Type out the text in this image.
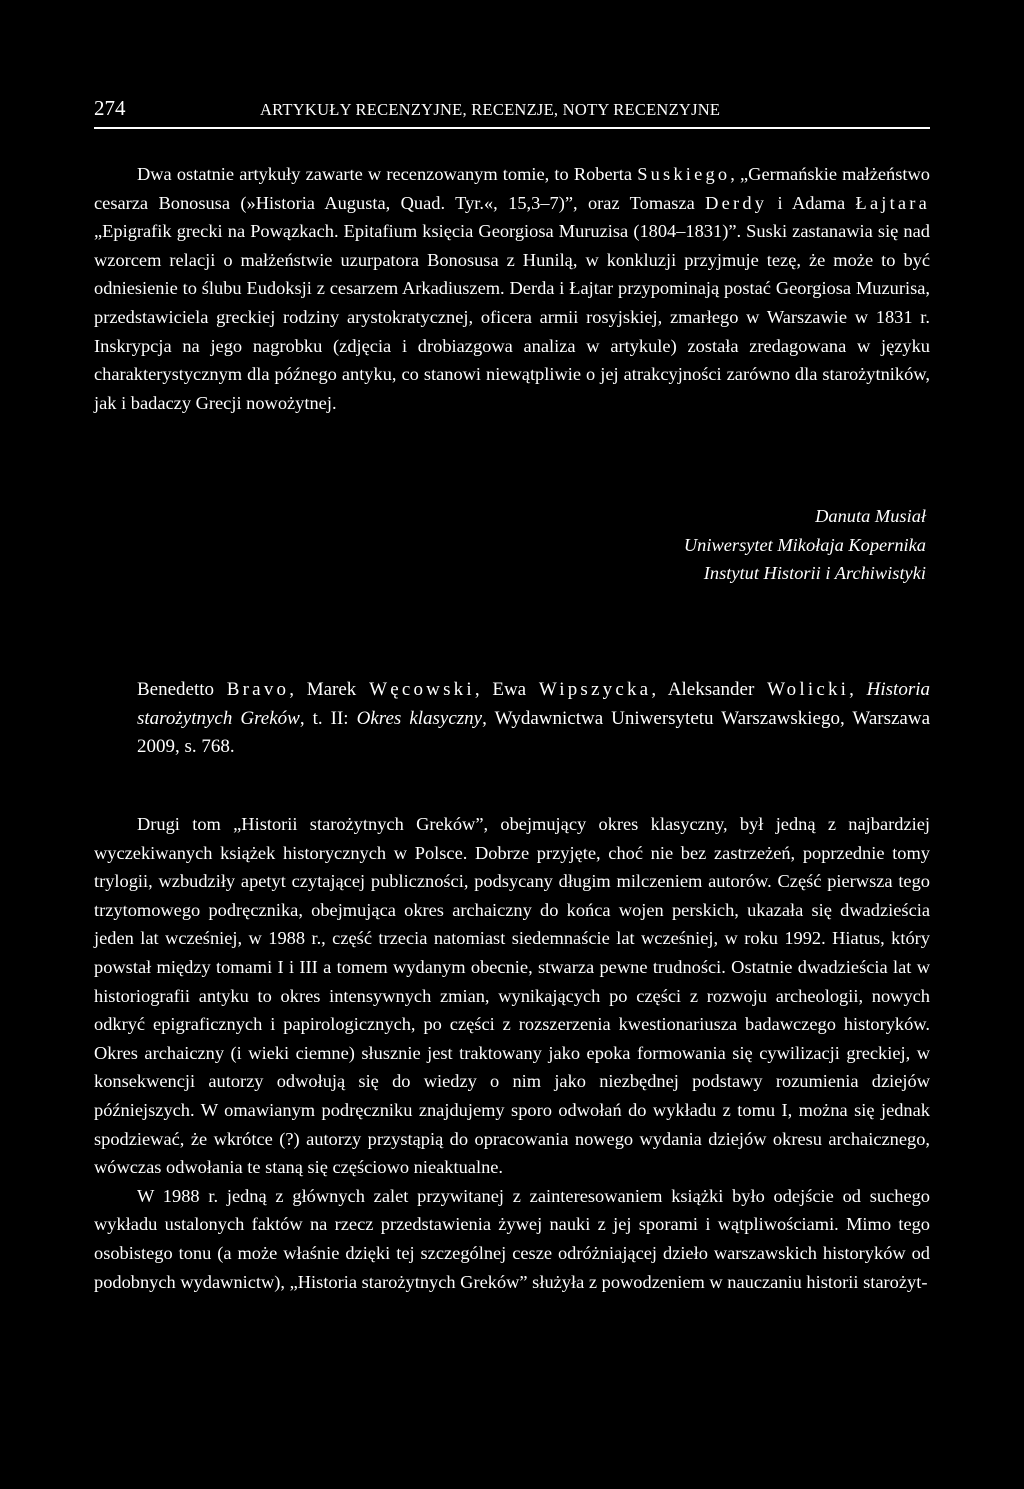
274	ARTYKUŁY RECENZYJNE, RECENZJE, NOTY RECENZYJNE
Dwa ostatnie artykuły zawarte w recenzowanym tomie, to Roberta Suskiego, „Germańskie małżeństwo cesarza Bonosusa (»Historia Augusta, Quad. Tyr.«, 15,3–7)”, oraz Tomasza Derdy i Adama Łajtara „Epigrafik grecki na Powązkach. Epitafium księcia Georgiosa Muruzisa (1804–1831)”. Suski zastanawia się nad wzorcem relacji o małżeństwie uzurpatora Bonosusa z Hunilą, w konkluzji przyjmuje tezę, że może to być odniesienie to ślubu Eudoksji z cesarzem Arkadiuszem. Derda i Łajtar przypominają postać Georgiosa Muzurisa, przedstawiciela greckiej rodziny arystokratycznej, oficera armii rosyjskiej, zmarłego w Warszawie w 1831 r. Inskrypcja na jego nagrobku (zdjęcia i drobiazgowa analiza w artykule) została zredagowana w języku charakterystycznym dla późnego antyku, co stanowi niewątpliwie o jej atrakcyjności zarówno dla starożytników, jak i badaczy Grecji nowożytnej.
Danuta Musiał
Uniwersytet Mikołaja Kopernika
Instytut Historii i Archiwistyki
Benedetto Bravo, Marek Węcowski, Ewa Wipszycka, Aleksander Wolicki, Historia starożytnych Greków, t. II: Okres klasyczny, Wydawnictwa Uniwersytetu Warszawskiego, Warszawa 2009, s. 768.

Drugi tom „Historii starożytnych Greków”, obejmujący okres klasyczny, był jedną z najbardziej wyczekiwanych książek historycznych w Polsce. Dobrze przyjęte, choć nie bez zastrzeżeń, poprzednie tomy trylogii, wzbudziły apetyt czytającej publiczności, podsycany długim milczeniem autorów. Część pierwsza tego trzytomowego podręcznika, obejmująca okres archaiczny do końca wojen perskich, ukazała się dwadzieścia jeden lat wcześniej, w 1988 r., część trzecia natomiast siedemnaście lat wcześniej, w roku 1992. Hiatus, który powstał między tomami I i III a tomem wydanym obecnie, stwarza pewne trudności. Ostatnie dwadzieścia lat w historiografii antyku to okres intensywnych zmian, wynikających po części z rozwoju archeologii, nowych odkryć epigraficznych i papirologicznych, po części z rozszerzenia kwestionariusza badawczego historyków. Okres archaiczny (i wieki ciemne) słusznie jest traktowany jako epoka formowania się cywilizacji greckiej, w konsekwencji autorzy odwołują się do wiedzy o nim jako niezbędnej podstawy rozumienia dziejów późniejszych. W omawianym podręczniku znajdujemy sporo odwołań do wykładu z tomu I, można się jednak spodziewać, że wkrótce (?) autorzy przystąpią do opracowania nowego wydania dziejów okresu archaicznego, wówczas odwołania te staną się częściowo nieaktualne.

W 1988 r. jedną z głównych zalet przywitanej z zainteresowaniem książki było odejście od suchego wykładu ustalonych faktów na rzecz przedstawienia żywej nauki z jej sporami i wątpliwościami. Mimo tego osobistego tonu (a może właśnie dzięki tej szczególnej cesze odróżniającej dzieło warszawskich historyków od podobnych wydawnictw), „Historia starożytnych Greków” służyła z powodzeniem w nauczaniu historii starożyt-
